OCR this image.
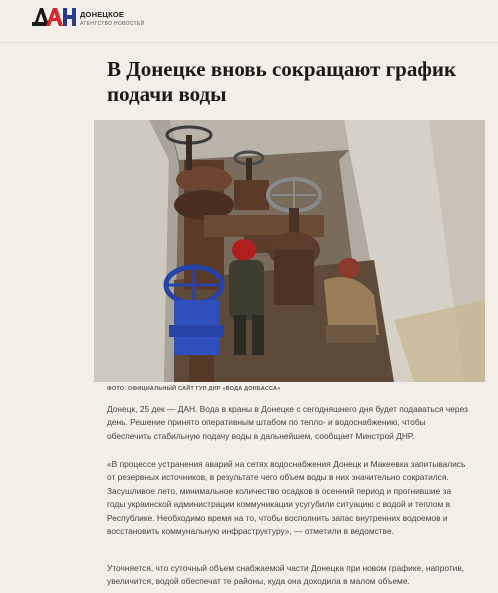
ДОНЕЦКОЕ
АГЕНТСТВО НОВОСТЕЙ
В Донецке вновь сокращают график
подачи воды
ФОТО: ОФИЦИАЛЬНЫЙ САЙТ ГУП ДНР «ВОДА ДОНБАССА»

Донецк, 25 дек — ДАН. Вода в краны в Донецке с сегодняшнего дня будет подаваться через день. Решение принято оперативным штабом по тепло- и водоснабжению, чтобы обеспечить стабильную подачу воды в дальнейшем, сообщает Минстрой ДНР.

«В процессе устранения аварий на сетях водоснабжения Донецк и Макеевка запитывались от резервных источников, в результате чего объем воды в них значительно сократился. Засушливое лето, минимальное количество осадков в осенний период и прогнившие за годы украинской администрации коммуникации усугубили ситуацию с водой и теплом в Республике. Необходимо время на то, чтобы восполнить запас внутренних водоемов и восстановить коммунальную инфраструктуру», — отметили в ведомстве.

Уточняется, что суточный объем снабжаемой части Донецка при новом графике, напротив, увеличится, водой обеспечат те районы, куда она доходила в малом объеме.
